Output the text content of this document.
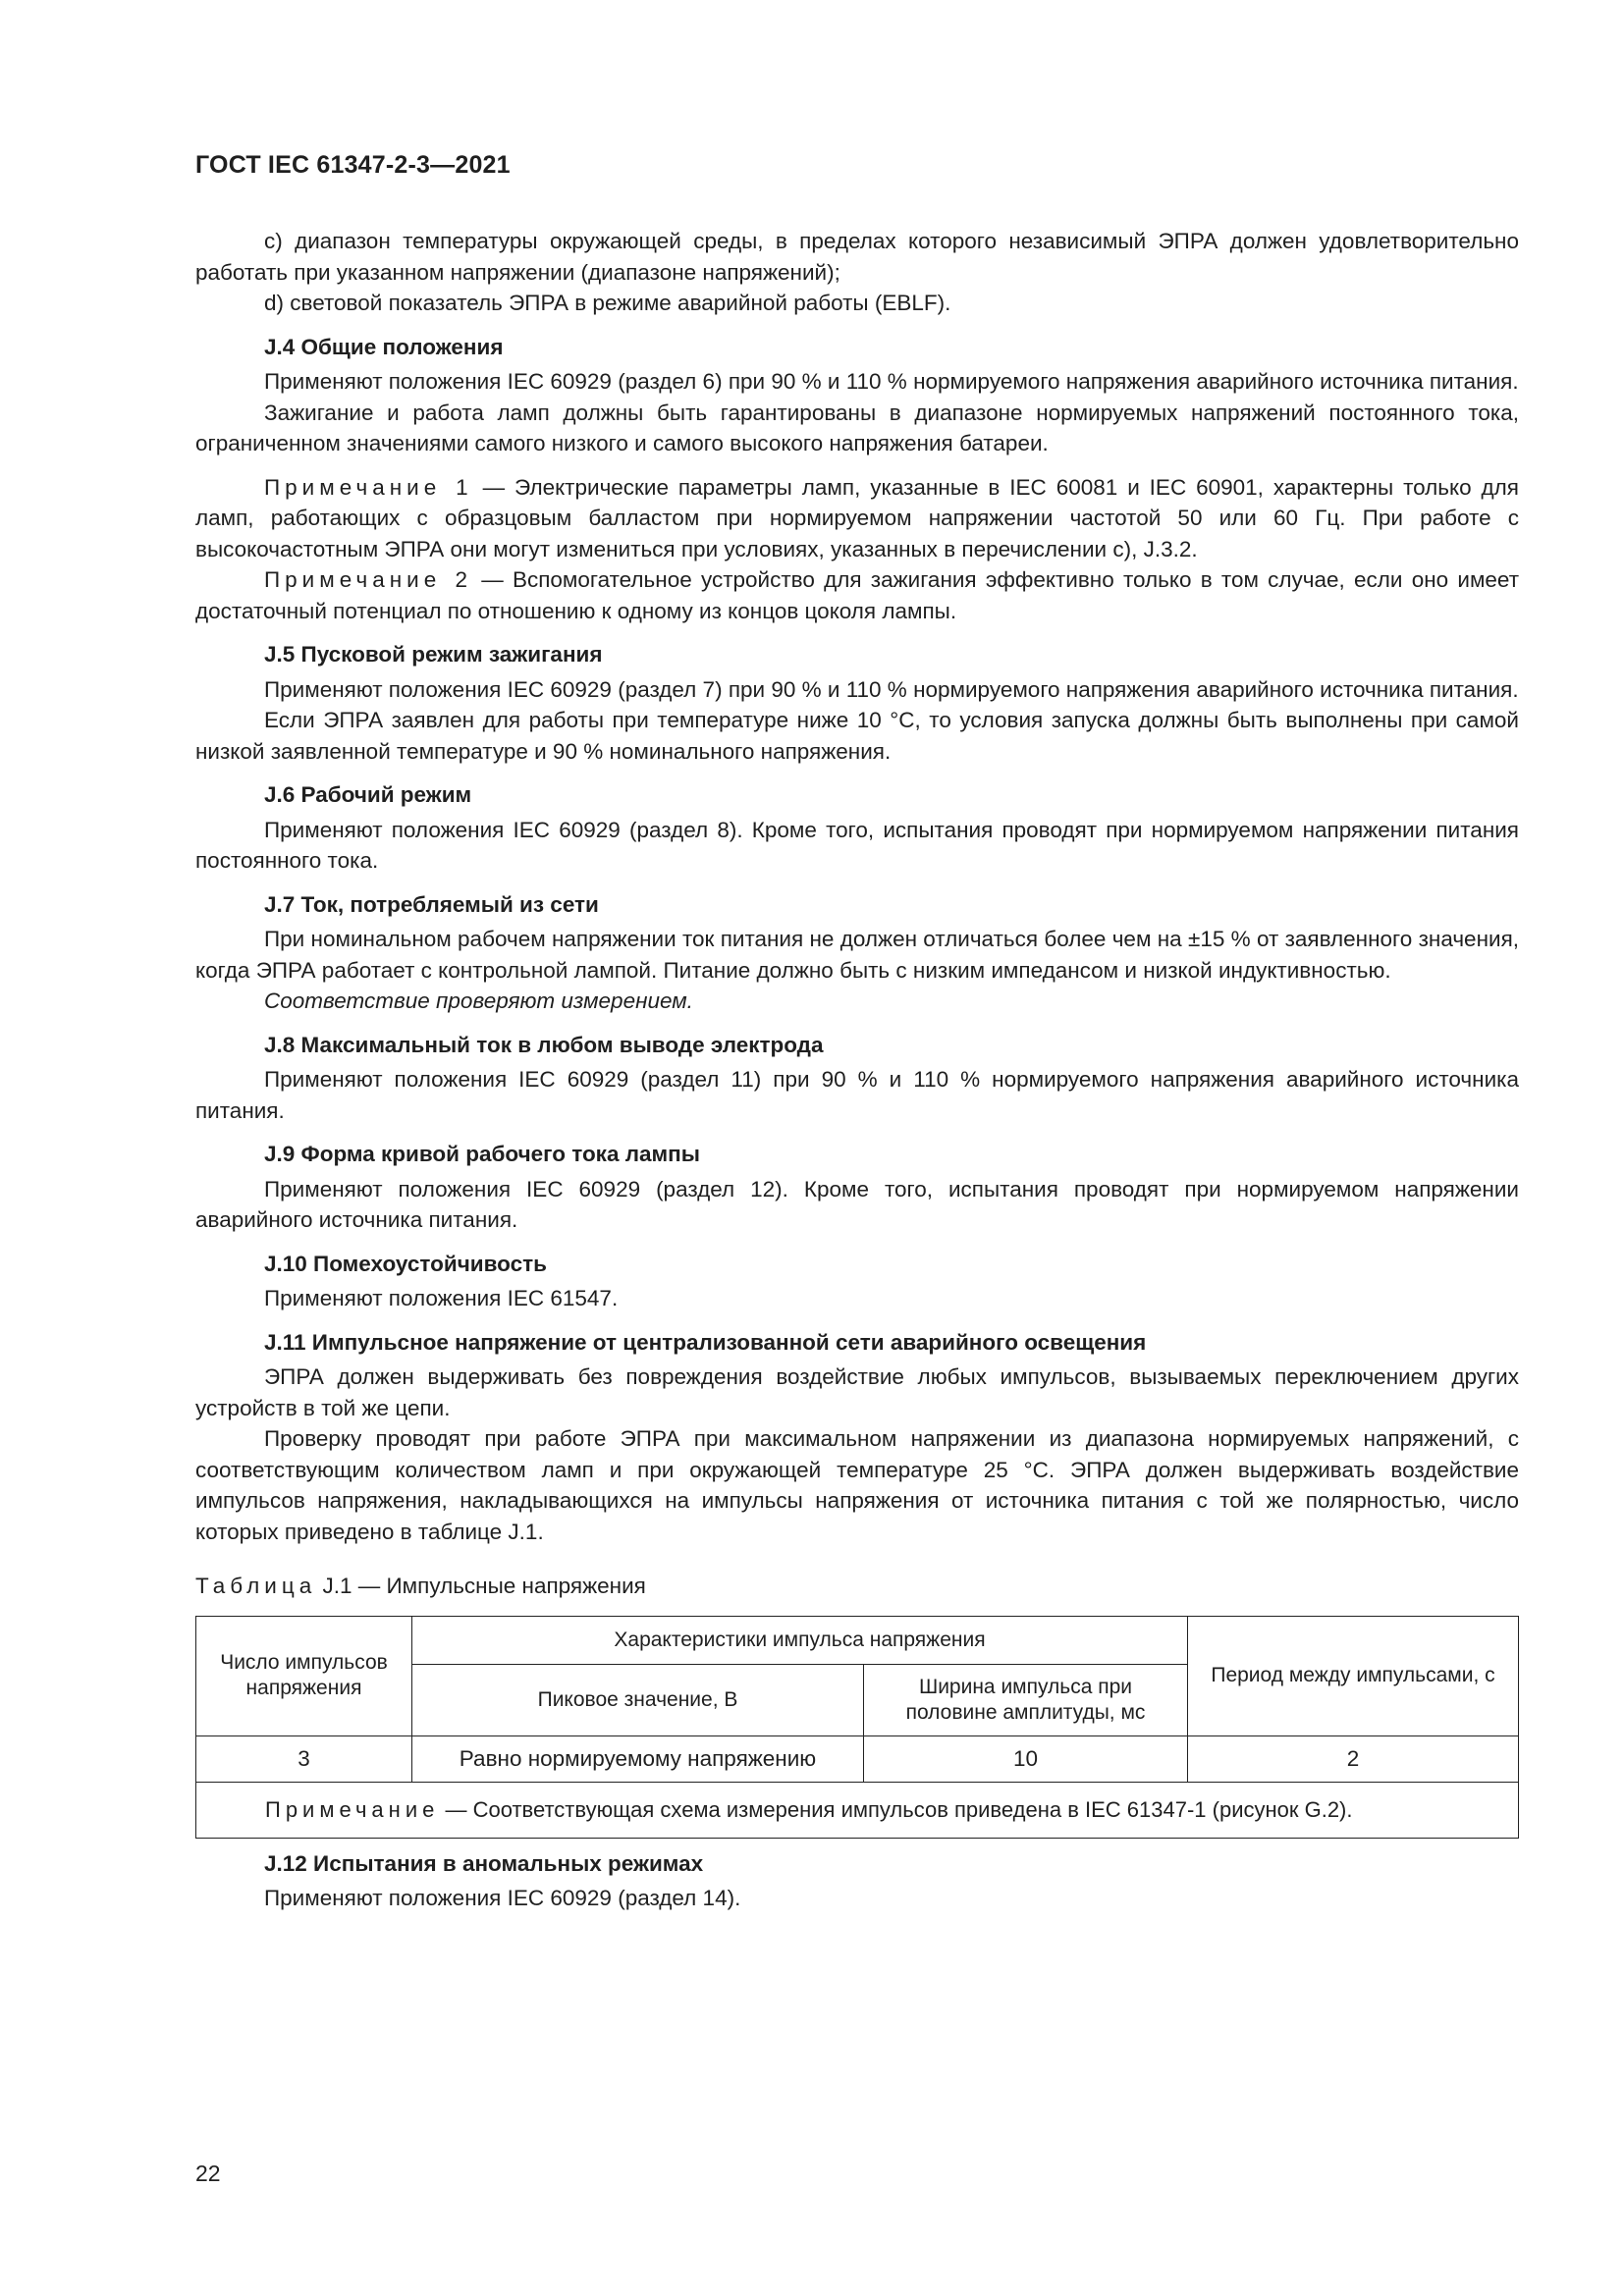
ГОСТ IEC 61347-2-3—2021

с) диапазон температуры окружающей среды, в пределах которого независимый ЭПРА должен удовлетворительно работать при указанном напряжении (диапазоне напряжений);

d) световой показатель ЭПРА в режиме аварийной работы (EBLF).

J.4 Общие положения

Применяют положения IEC 60929 (раздел 6) при 90 % и 110 % нормируемого напряжения аварийного источника питания.

Зажигание и работа ламп должны быть гарантированы в диапазоне нормируемых напряжений постоянного тока, ограниченном значениями самого низкого и самого высокого напряжения батареи.

Примечание 1 — Электрические параметры ламп, указанные в IEC 60081 и IEC 60901, характерны только для ламп, работающих с образцовым балластом при нормируемом напряжении частотой 50 или 60 Гц. При работе с высокочастотным ЭПРА они могут измениться при условиях, указанных в перечислении с), J.3.2.

Примечание 2 — Вспомогательное устройство для зажигания эффективно только в том случае, если оно имеет достаточный потенциал по отношению к одному из концов цоколя лампы.

J.5 Пусковой режим зажигания

Применяют положения IEC 60929 (раздел 7) при 90 % и 110 % нормируемого напряжения аварийного источника питания.

Если ЭПРА заявлен для работы при температуре ниже 10 °С, то условия запуска должны быть выполнены при самой низкой заявленной температуре и 90 % номинального напряжения.

J.6 Рабочий режим

Применяют положения IEC 60929 (раздел 8). Кроме того, испытания проводят при нормируемом напряжении питания постоянного тока.

J.7 Ток, потребляемый из сети

При номинальном рабочем напряжении ток питания не должен отличаться более чем на ±15 % от заявленного значения, когда ЭПРА работает с контрольной лампой. Питание должно быть с низким импедансом и низкой индуктивностью.

Соответствие проверяют измерением.

J.8 Максимальный ток в любом выводе электрода

Применяют положения IEC 60929 (раздел 11) при 90 % и 110 % нормируемого напряжения аварийного источника питания.

J.9 Форма кривой рабочего тока лампы

Применяют положения IEC 60929 (раздел 12). Кроме того, испытания проводят при нормируемом напряжении аварийного источника питания.

J.10 Помехоустойчивость

Применяют положения IEC 61547.

J.11 Импульсное напряжение от централизованной сети аварийного освещения

ЭПРА должен выдерживать без повреждения воздействие любых импульсов, вызываемых переключением других устройств в той же цепи.

Проверку проводят при работе ЭПРА при максимальном напряжении из диапазона нормируемых напряжений, с соответствующим количеством ламп и при окружающей температуре 25 °С. ЭПРА должен выдерживать воздействие импульсов напряжения, накладывающихся на импульсы напряжения от источника питания с той же полярностью, число которых приведено в таблице J.1.

Таблица J.1 — Импульсные напряжения

Число импульсов напряжения	Характеристики импульса напряжения		Период между импульсами, с
	Пиковое значение, В	Ширина импульса при половине амплитуды, мс	
3	Равно нормируемому напряжению	10	2
Примечание — Соответствующая схема измерения импульсов приведена в IEC 61347-1 (рисунок G.2).			
J.12 Испытания в аномальных режимах

Применяют положения IEC 60929 (раздел 14).

22
